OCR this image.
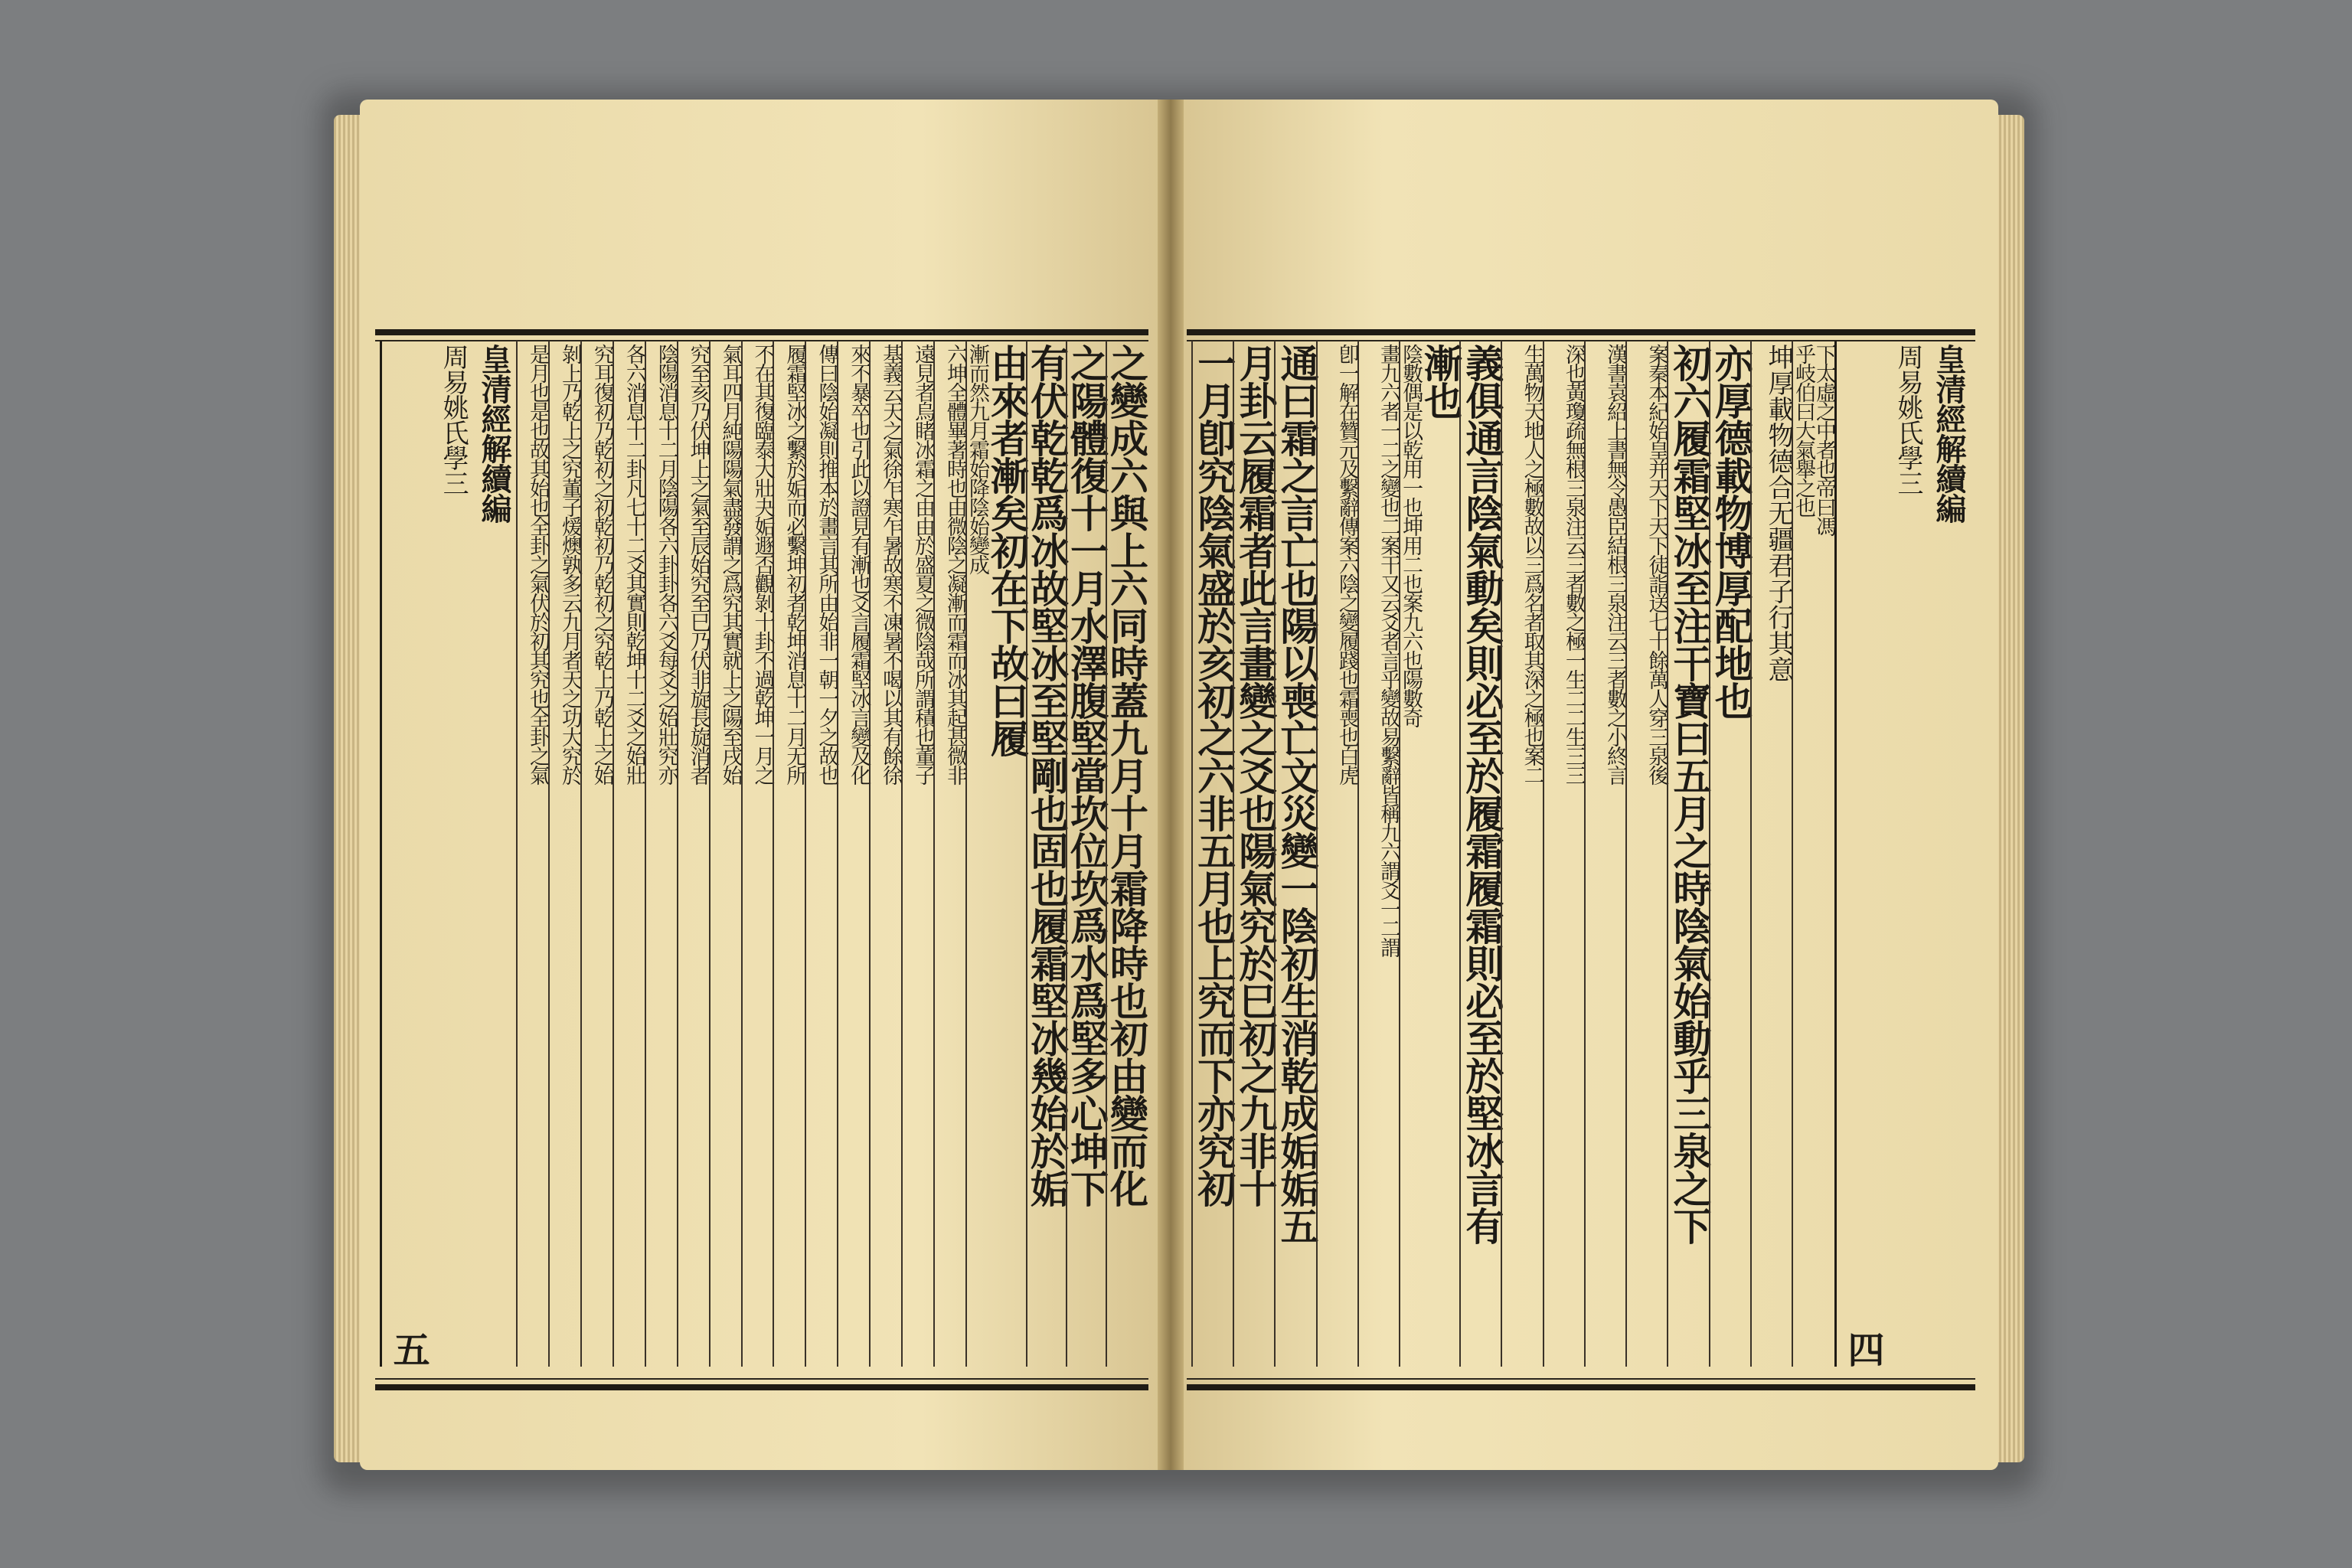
之變成六與上六同時蓋九月十月霜降時也初由變而化
之陽體復十一月水澤腹堅當坎位坎爲水爲堅多心坤下
有伏乾乾爲冰故堅冰至堅剛也固也履霜堅冰幾始於姤
由來者漸矣初在下故曰履
漸而然九月霜始降陰始變成
六坤全體畢著時也由微陰之凝漸而霜而冰其起甚微非
遠見者烏睹冰霜之由由於盛夏之微陰哉所謂積也董子
基義云天之氣徐乍寒乍暑故寒不凍暑不喝以其有餘徐
來不暴卒也引此以證見有漸也爻言履霜堅冰言變及化
傳曰陰始凝則推本於畫言其所由始非一朝一夕之故也
履霜堅冰之繫於姤而必繫坤初者乾坤消息十二月无所
不在其復臨泰大壯夬姤遯否觀剝十卦不過乾坤一月之
氣耳四月純陽陽氣盡發謂之爲究其實就上之陽至戌始
究至亥乃伏坤上之氣至辰始究至巳乃伏非旋長旋消者
陰陽消息十二月陰陽各六卦卦各六爻每爻之始壯究亦
各六消息十二卦凡七十二爻其實則乾坤十二爻之始壯
究耳復初乃乾初之初乾初乃乾初之究乾上乃乾上之始
剝上乃乾上之究董子煖燠孰多云九月者天之功大究於
是月也是也故其始也全卦之氣伏於初其究也全卦之氣
皇清經解續編
周易姚氏學三
五
皇清經解續編
周易姚氏學三
四
下太虛之中者也帝曰馮
乎岐伯曰大氣舉之也
坤厚載物德合无疆君子行其意
亦厚德載物博厚配地也
初六履霜堅冰至注干寶曰五月之時陰氣始動乎三泉之下
案秦本紀始皇并天下天下徒詣送七十餘萬人穿三泉後
漢書袁紹上書無令愚臣結根三泉注云三者數之小終言
深也黃瓊疏無根三泉注云三者數之極一生二二生三三
生萬物天地人之極數故以三爲名者取其深之極也案二
義俱通言陰氣動矣則必至於履霜履霜則必至於堅冰言有
漸也
陰數偶是以乾用一也坤用二也案九六也陽數奇
畫九六者一二之變也二案干又云爻者言乎變故易繫辭皆稱九六謂爻一二謂
卽一解在贊元及繫辭傳案六陰之變履踐也霜喪也白虎
通曰霜之言亡也陽以喪亡文災變一陰初生消乾成姤姤五
月卦云履霜者此言畫變之爻也陽氣究於巳初之九非十
一月卽究陰氣盛於亥初之六非五月也上究而下亦究初
